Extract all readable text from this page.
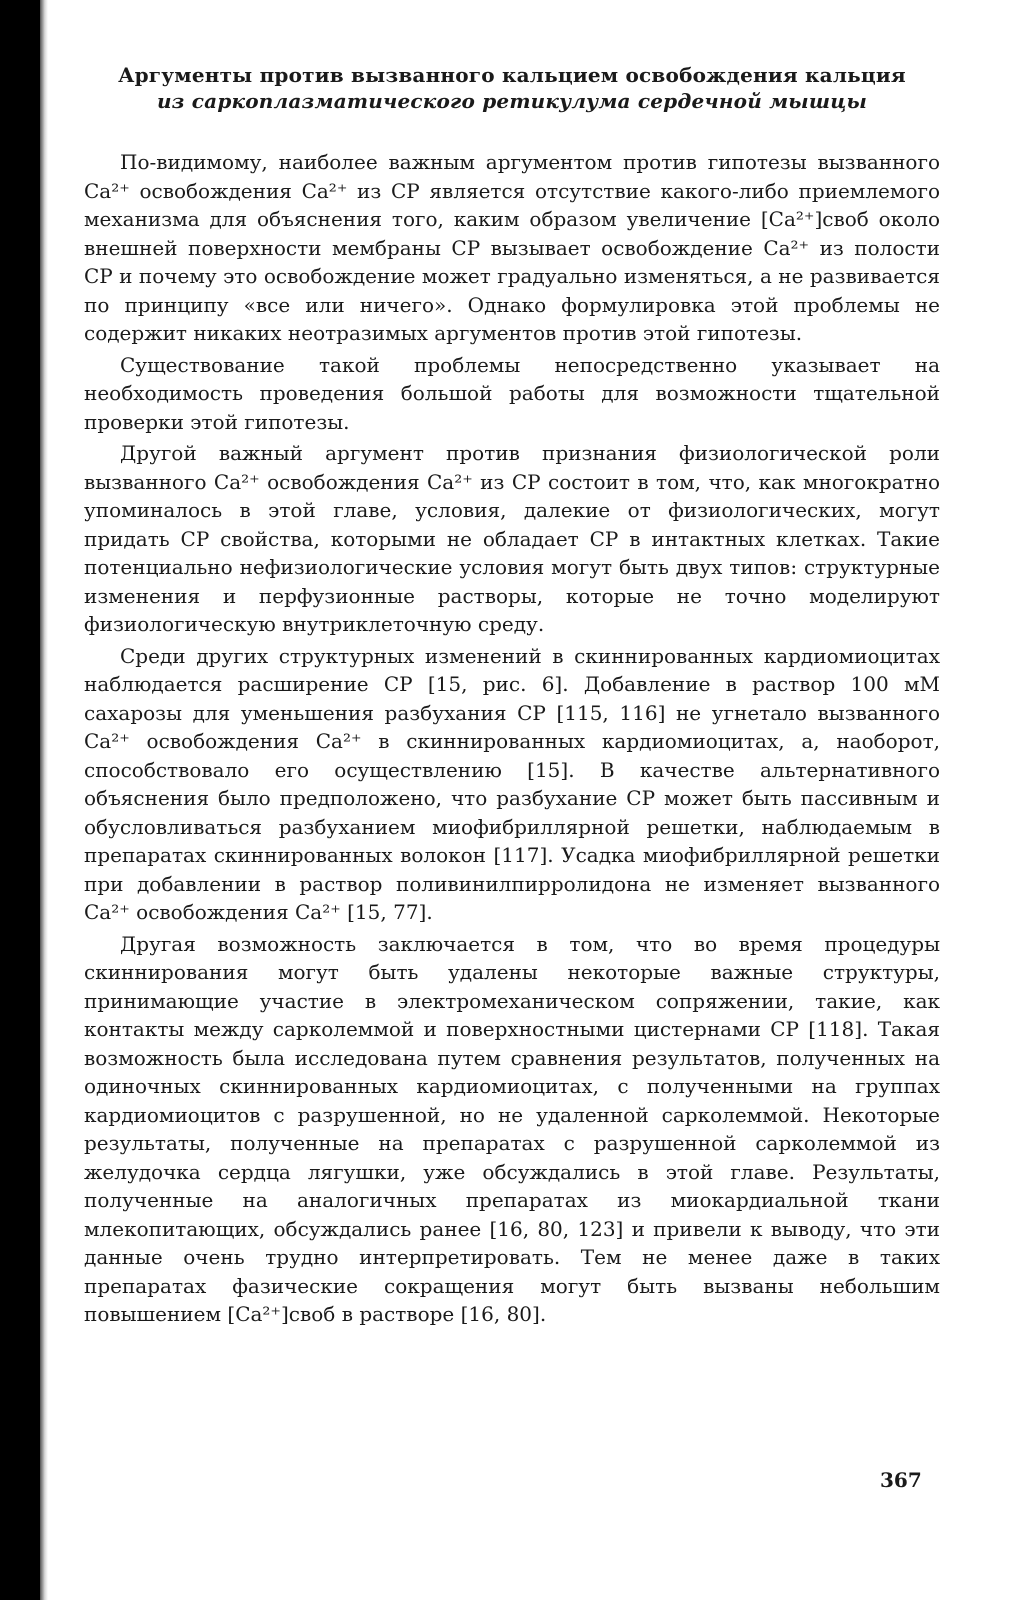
Аргументы против вызванного кальцием освобождения кальция
из саркоплазматического ретикулума сердечной мышцы

По-видимому, наиболее важным аргументом против гипотезы вызванного Ca²⁺ освобождения Ca²⁺ из СР является отсутствие какого-либо приемлемого механизма для объяснения того, каким образом увеличение [Ca²⁺]своб около внешней поверхности мембраны СР вызывает освобождение Ca²⁺ из полости СР и почему это освобождение может градуально изменяться, а не развивается по принципу «все или ничего». Однако формулировка этой проблемы не содержит никаких неотразимых аргументов против этой гипотезы.

Существование такой проблемы непосредственно указывает на необходимость проведения большой работы для возможности тщательной проверки этой гипотезы.

Другой важный аргумент против признания физиологической роли вызванного Ca²⁺ освобождения Ca²⁺ из СР состоит в том, что, как многократно упоминалось в этой главе, условия, далекие от физиологических, могут придать СР свойства, которыми не обладает СР в интактных клетках. Такие потенциально нефизиологические условия могут быть двух типов: структурные изменения и перфузионные растворы, которые не точно моделируют физиологическую внутриклеточную среду.

Среди других структурных изменений в скиннированных кардиомиоцитах наблюдается расширение СР [15, рис. 6]. Добавление в раствор 100 мМ сахарозы для уменьшения разбухания СР [115, 116] не угнетало вызванного Ca²⁺ освобождения Ca²⁺ в скиннированных кардиомиоцитах, а, наоборот, способствовало его осуществлению [15]. В качестве альтернативного объяснения было предположено, что разбухание СР может быть пассивным и обусловливаться разбуханием миофибриллярной решетки, наблюдаемым в препаратах скиннированных волокон [117]. Усадка миофибриллярной решетки при добавлении в раствор поливинилпирролидона не изменяет вызванного Ca²⁺ освобождения Ca²⁺ [15, 77].

Другая возможность заключается в том, что во время процедуры скиннирования могут быть удалены некоторые важные структуры, принимающие участие в электромеханическом сопряжении, такие, как контакты между сарколеммой и поверхностными цистернами СР [118]. Такая возможность была исследована путем сравнения результатов, полученных на одиночных скиннированных кардиомиоцитах, с полученными на группах кардиомиоцитов с разрушенной, но не удаленной сарколеммой. Некоторые результаты, полученные на препаратах с разрушенной сарколеммой из желудочка сердца лягушки, уже обсуждались в этой главе. Результаты, полученные на аналогичных препаратах из миокардиальной ткани млекопитающих, обсуждались ранее [16, 80, 123] и привели к выводу, что эти данные очень трудно интерпретировать. Тем не менее даже в таких препаратах фазические сокращения могут быть вызваны небольшим повышением [Ca²⁺]своб в растворе [16, 80].

367
